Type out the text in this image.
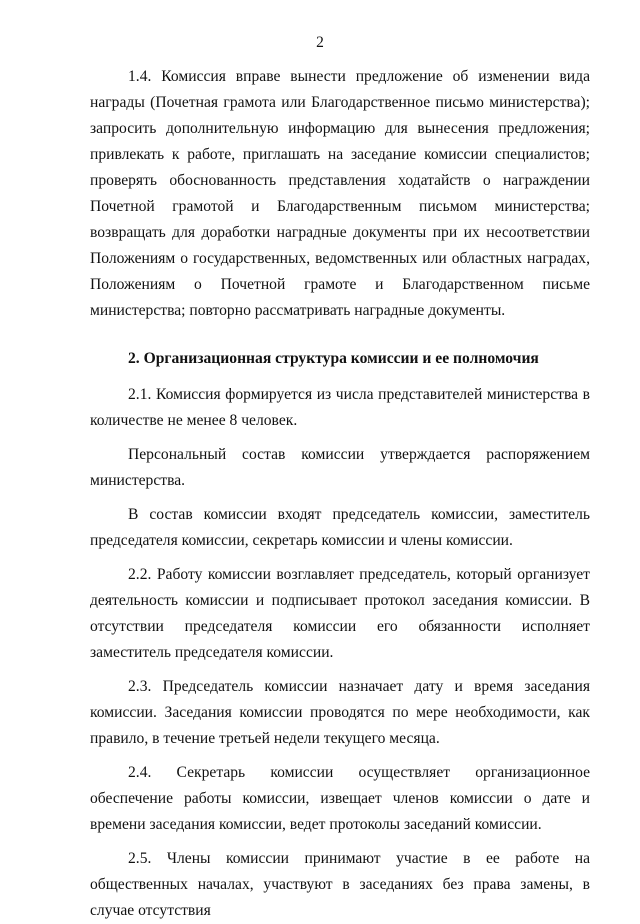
2

1.4. Комиссия вправе вынести предложение об изменении вида награды (Почетная грамота или Благодарственное письмо министерства); запросить дополнительную информацию для вынесения предложения; привлекать к работе, приглашать на заседание комиссии специалистов; проверять обоснованность представления ходатайств о награждении Почетной грамотой и Благодарственным письмом министерства; возвращать для доработки наградные документы при их несоответствии Положениям о государственных, ведомственных или областных наградах, Положениям о Почетной грамоте и Благодарственном письме министерства; повторно рассматривать наградные документы.

2. Организационная структура комиссии и ее полномочия

2.1. Комиссия формируется из числа представителей министерства в количестве не менее 8 человек.

Персональный состав комиссии утверждается распоряжением министерства.

В состав комиссии входят председатель комиссии, заместитель председателя комиссии, секретарь комиссии и члены комиссии.

2.2. Работу комиссии возглавляет председатель, который организует деятельность комиссии и подписывает протокол заседания комиссии. В отсутствии председателя комиссии его обязанности исполняет заместитель председателя комиссии.

2.3. Председатель комиссии назначает дату и время заседания комиссии. Заседания комиссии проводятся по мере необходимости, как правило, в течение третьей недели текущего месяца.

2.4. Секретарь комиссии осуществляет организационное обеспечение работы комиссии, извещает членов комиссии о дате и времени заседания комиссии, ведет протоколы заседаний комиссии.

2.5. Члены комиссии принимают участие в ее работе на общественных началах, участвуют в заседаниях без права замены, в случае отсутствия
